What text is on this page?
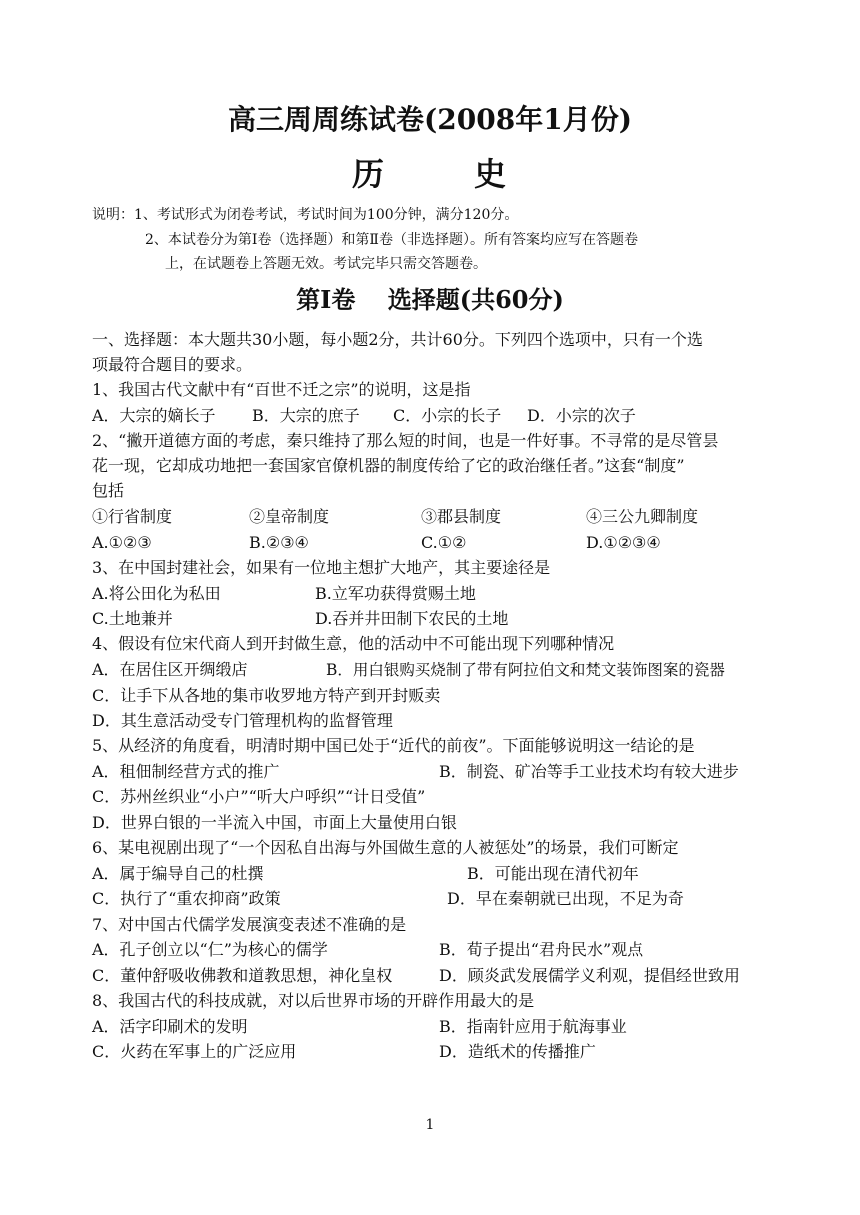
高三周周练试卷(2008年1月份)
历	史
说明：1、考试形式为闭卷考试，考试时间为100分钟，满分120分。
2、本试卷分为第Ⅰ卷（选择题）和第Ⅱ卷（非选择题）。所有答案均应写在答题卷
上，在试题卷上答题无效。考试完毕只需交答题卷。
第Ⅰ卷　 选择题(共60分)
一、选择题：本大题共30小题，每小题2分，共计60分。下列四个选项中，只有一个选
项最符合题目的要求。
1、我国古代文献中有“百世不迁之宗”的说明，这是指
A．大宗的嫡长子 B．大宗的庶子 C．小宗的长子 D．小宗的次子
2、“撇开道德方面的考虑，秦只维持了那么短的时间，也是一件好事。不寻常的是尽管昙
花一现，它却成功地把一套国家官僚机器的制度传给了它的政治继任者。”这套“制度”
包括
①行省制度	②皇帝制度	③郡县制度	④三公九卿制度
A.①②③	B.②③④	C.①②	D.①②③④
3、在中国封建社会，如果有一位地主想扩大地产，其主要途径是
A.将公田化为私田	B.立军功获得赏赐土地
C.土地兼并	D.吞并井田制下农民的土地
4、假设有位宋代商人到开封做生意，他的活动中不可能出现下列哪种情况
A．在居住区开绸缎店	B．用白银购买烧制了带有阿拉伯文和梵文装饰图案的瓷器
C．让手下从各地的集市收罗地方特产到开封贩卖
D．其生意活动受专门管理机构的监督管理
5、从经济的角度看，明清时期中国已处于“近代的前夜”。下面能够说明这一结论的是
A．租佃制经营方式的推广	B．制瓷、矿冶等手工业技术均有较大进步
C．苏州丝织业“小户”“听大户呼织”“计日受值”
D．世界白银的一半流入中国，市面上大量使用白银
6、某电视剧出现了“一个因私自出海与外国做生意的人被惩处”的场景，我们可断定
A．属于编导自己的杜撰	B．可能出现在清代初年
C．执行了“重农抑商”政策	D．早在秦朝就已出现，不足为奇
7、对中国古代儒学发展演变表述不准确的是
A．孔子创立以“仁”为核心的儒学	B．荀子提出“君舟民水”观点
C．董仲舒吸收佛教和道教思想，神化皇权	D．顾炎武发展儒学义利观，提倡经世致用
8、我国古代的科技成就，对以后世界市场的开辟作用最大的是
A．活字印刷术的发明	B．指南针应用于航海事业
C．火药在军事上的广泛应用	D．造纸术的传播推广
1
